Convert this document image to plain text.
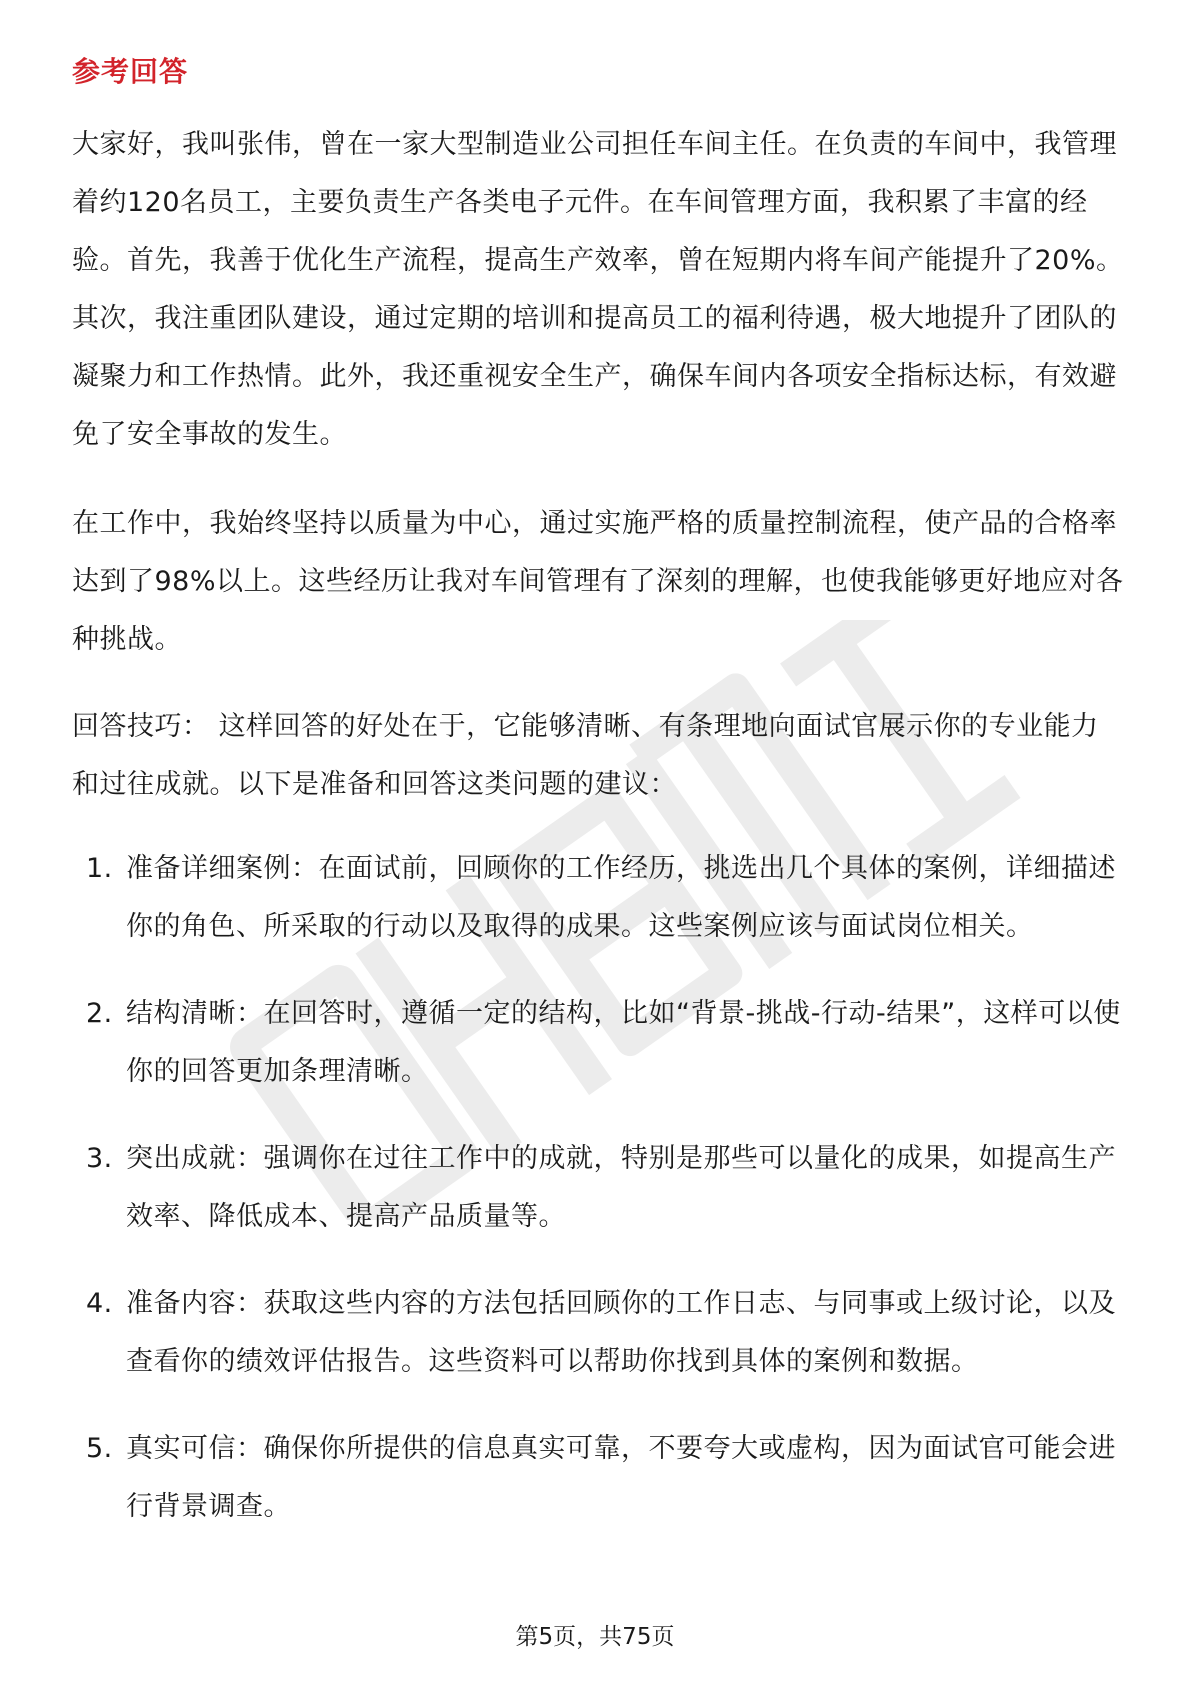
参考回答

大家好，我叫张伟，曾在一家大型制造业公司担任车间主任。在负责的车间中，我管理着约120名员工，主要负责生产各类电子元件。在车间管理方面，我积累了丰富的经验。首先，我善于优化生产流程，提高生产效率，曾在短期内将车间产能提升了20%。其次，我注重团队建设，通过定期的培训和提高员工的福利待遇，极大地提升了团队的凝聚力和工作热情。此外，我还重视安全生产，确保车间内各项安全指标达标，有效避免了安全事故的发生。

在工作中，我始终坚持以质量为中心，通过实施严格的质量控制流程，使产品的合格率达到了98%以上。这些经历让我对车间管理有了深刻的理解，也使我能够更好地应对各种挑战。

回答技巧： 这样回答的好处在于，它能够清晰、有条理地向面试官展示你的专业能力和过往成就。以下是准备和回答这类问题的建议：

1. 准备详细案例：在面试前，回顾你的工作经历，挑选出几个具体的案例，详细描述你的角色、所采取的行动以及取得的成果。这些案例应该与面试岗位相关。
2. 结构清晰：在回答时，遵循一定的结构，比如“背景-挑战-行动-结果”，这样可以使你的回答更加条理清晰。
3. 突出成就：强调你在过往工作中的成就，特别是那些可以量化的成果，如提高生产效率、降低成本、提高产品质量等。
4. 准备内容：获取这些内容的方法包括回顾你的工作日志、与同事或上级讨论，以及查看你的绩效评估报告。这些资料可以帮助你找到具体的案例和数据。
5. 真实可信：确保你所提供的信息真实可靠，不要夸大或虚构，因为面试官可能会进行背景调查。
第5页，共75页
